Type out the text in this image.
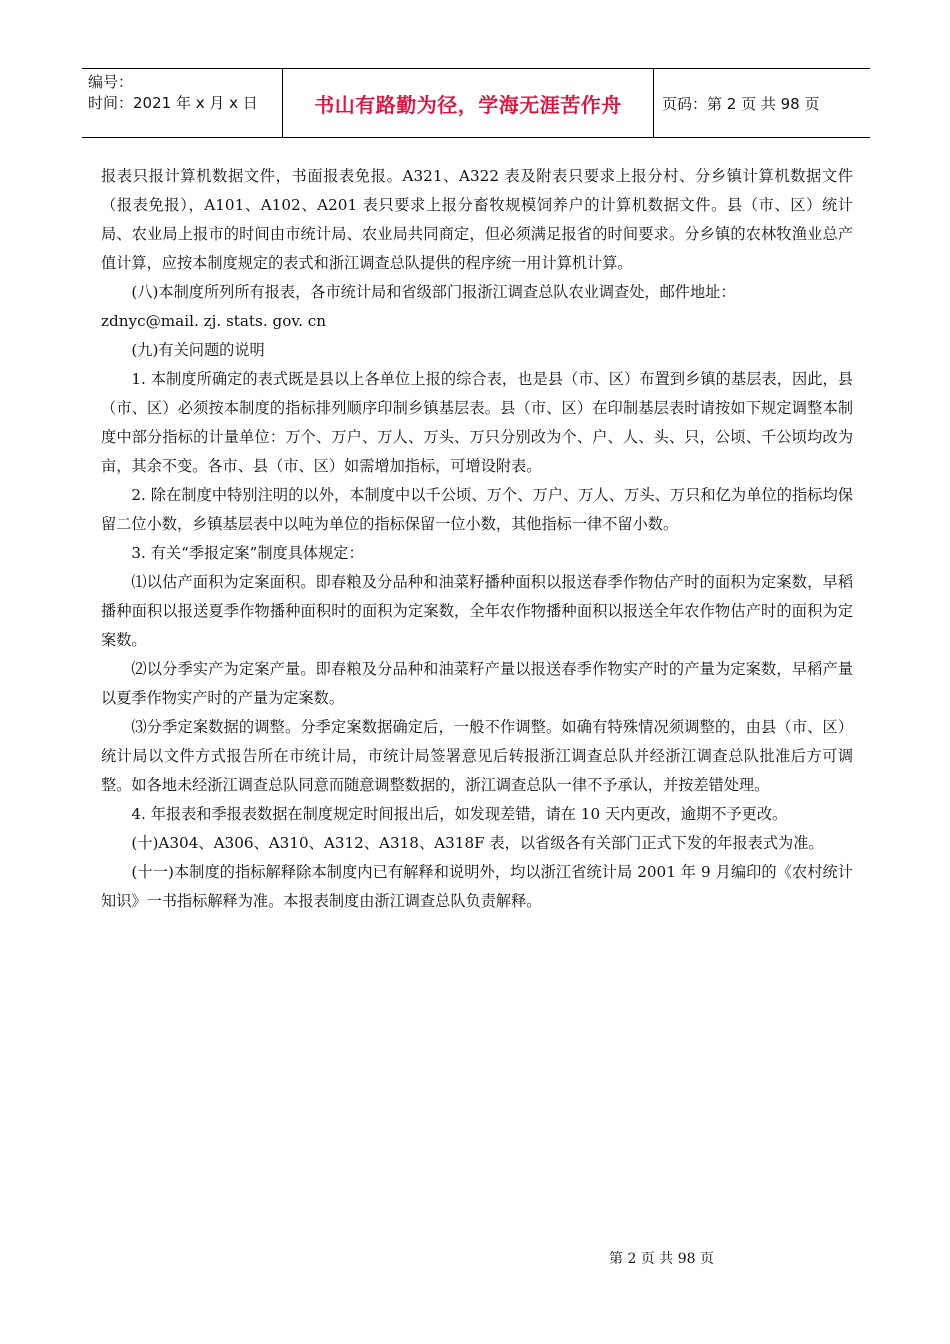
编号：
时间：2021 年 x 月 x 日	书山有路勤为径，学海无涯苦作舟	页码：第 2 页 共 98 页

报表只报计算机数据文件，书面报表免报。A321、A322 表及附表只要求上报分村、分乡镇计算机数据文件（报表免报），A101、A102、A201 表只要求上报分畜牧规模饲养户的计算机数据文件。县（市、区）统计局、农业局上报市的时间由市统计局、农业局共同商定，但必须满足报省的时间要求。分乡镇的农林牧渔业总产值计算，应按本制度规定的表式和浙江调查总队提供的程序统一用计算机计算。

(八)本制度所列所有报表，各市统计局和省级部门报浙江调查总队农业调查处，邮件地址：

zdnyc@mail. zj. stats. gov. cn

(九)有关问题的说明

1. 本制度所确定的表式既是县以上各单位上报的综合表，也是县（市、区）布置到乡镇的基层表，因此，县（市、区）必须按本制度的指标排列顺序印制乡镇基层表。县（市、区）在印制基层表时请按如下规定调整本制度中部分指标的计量单位：万个、万户、万人、万头、万只分别改为个、户、人、头、只，公顷、千公顷均改为亩，其余不变。各市、县（市、区）如需增加指标，可增设附表。

2. 除在制度中特别注明的以外，本制度中以千公顷、万个、万户、万人、万头、万只和亿为单位的指标均保留二位小数，乡镇基层表中以吨为单位的指标保留一位小数，其他指标一律不留小数。

3. 有关“季报定案”制度具体规定：

⑴以估产面积为定案面积。即春粮及分品种和油菜籽播种面积以报送春季作物估产时的面积为定案数，早稻播种面积以报送夏季作物播种面积时的面积为定案数，全年农作物播种面积以报送全年农作物估产时的面积为定案数。

⑵以分季实产为定案产量。即春粮及分品种和油菜籽产量以报送春季作物实产时的产量为定案数，早稻产量以夏季作物实产时的产量为定案数。

⑶分季定案数据的调整。分季定案数据确定后，一般不作调整。如确有特殊情况须调整的，由县（市、区）统计局以文件方式报告所在市统计局，市统计局签署意见后转报浙江调查总队并经浙江调查总队批准后方可调整。如各地未经浙江调查总队同意而随意调整数据的，浙江调查总队一律不予承认，并按差错处理。

4. 年报表和季报表数据在制度规定时间报出后，如发现差错，请在 10 天内更改，逾期不予更改。

(十)A304、A306、A310、A312、A318、A318F 表，以省级各有关部门正式下发的年报表式为准。

(十一)本制度的指标解释除本制度内已有解释和说明外，均以浙江省统计局 2001 年 9 月编印的《农村统计知识》一书指标解释为准。本报表制度由浙江调查总队负责解释。

第 2 页 共 98 页
